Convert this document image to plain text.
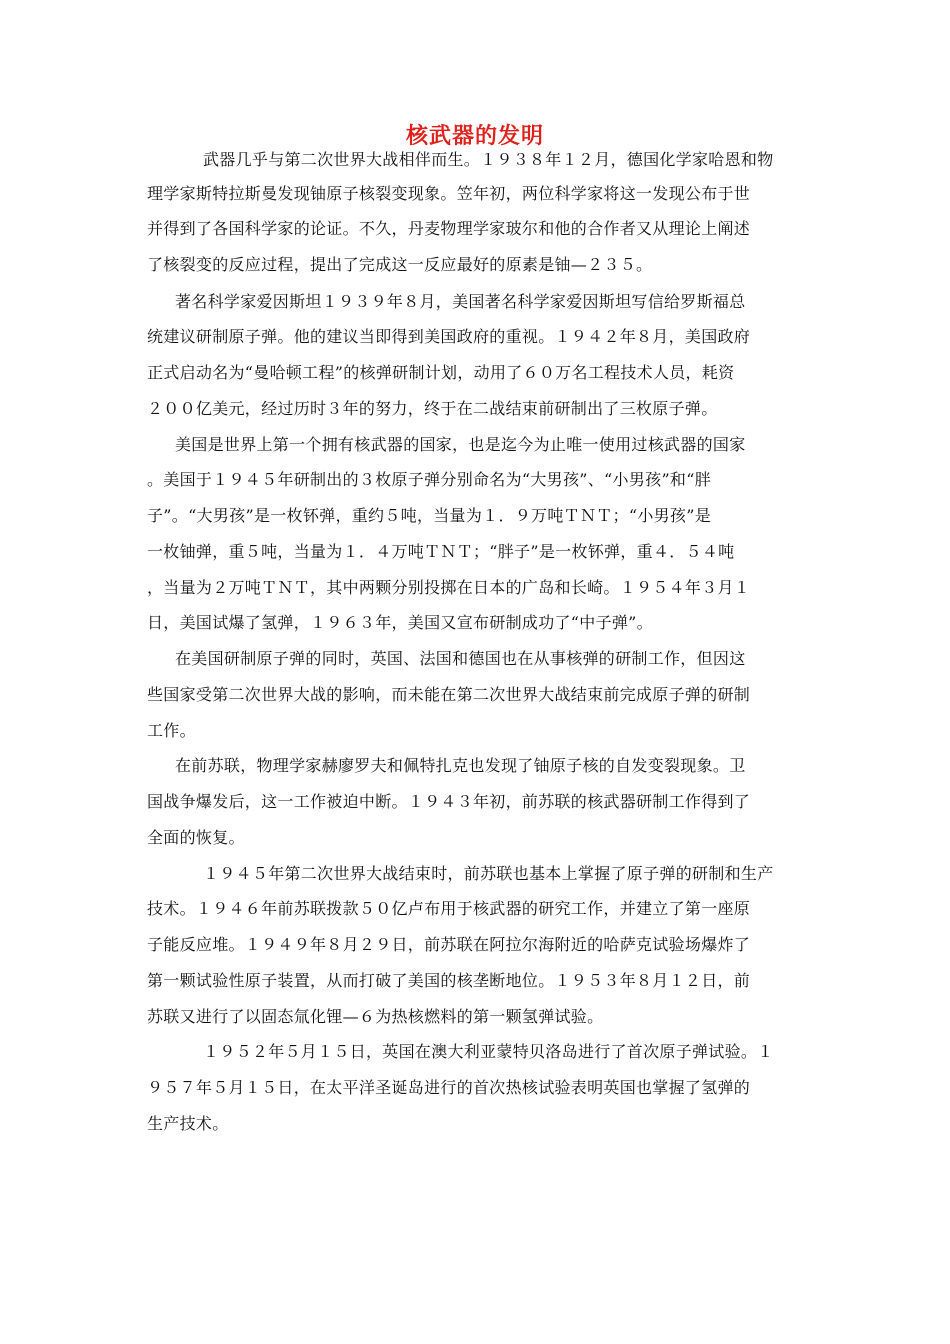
核武器的发明
武器几乎与第二次世界大战相伴而生。１９３８年１２月，德国化学家哈恩和物
理学家斯特拉斯曼发现铀原子核裂变现象。笠年初，两位科学家将这一发现公布于世
并得到了各国科学家的论证。不久，丹麦物理学家玻尔和他的合作者又从理论上阐述
了核裂变的反应过程，提出了完成这一反应最好的原素是铀—２３５。
著名科学家爱因斯坦１９３９年８月，美国著名科学家爱因斯坦写信给罗斯福总
统建议研制原子弹。他的建议当即得到美国政府的重视。１９４２年８月，美国政府
正式启动名为“曼哈顿工程”的核弹研制计划，动用了６０万名工程技术人员，耗资
２００亿美元，经过历时３年的努力，终于在二战结束前研制出了三枚原子弹。
美国是世界上第一个拥有核武器的国家，也是迄今为止唯一使用过核武器的国家
。美国于１９４５年研制出的３枚原子弹分别命名为“大男孩”、“小男孩”和“胖
子”。“大男孩”是一枚钚弹，重约５吨，当量为１．９万吨ＴＮＴ；“小男孩”是
一枚铀弹，重５吨，当量为１．４万吨ＴＮＴ；“胖子”是一枚钚弹，重４．５４吨
，当量为２万吨ＴＮＴ，其中两颗分别投掷在日本的广岛和长崎。１９５４年３月１
日，美国试爆了氢弹，１９６３年，美国又宣布研制成功了“中子弹”。
在美国研制原子弹的同时，英国、法国和德国也在从事核弹的研制工作，但因这
些国家受第二次世界大战的影响，而未能在第二次世界大战结束前完成原子弹的研制
工作。
在前苏联，物理学家赫廖罗夫和佩特扎克也发现了铀原子核的自发变裂现象。卫
国战争爆发后，这一工作被迫中断。１９４３年初，前苏联的核武器研制工作得到了
全面的恢复。
１９４５年第二次世界大战结束时，前苏联也基本上掌握了原子弹的研制和生产
技术。１９４６年前苏联拨款５０亿卢布用于核武器的研究工作，并建立了第一座原
子能反应堆。１９４９年８月２９日，前苏联在阿拉尔海附近的哈萨克试验场爆炸了
第一颗试验性原子装置，从而打破了美国的核垄断地位。１９５３年８月１２日，前
苏联又进行了以固态氚化锂—６为热核燃料的第一颗氢弹试验。
１９５２年５月１５日，英国在澳大利亚蒙特贝洛岛进行了首次原子弹试验。１
９５７年５月１５日，在太平洋圣诞岛进行的首次热核试验表明英国也掌握了氢弹的
生产技术。
